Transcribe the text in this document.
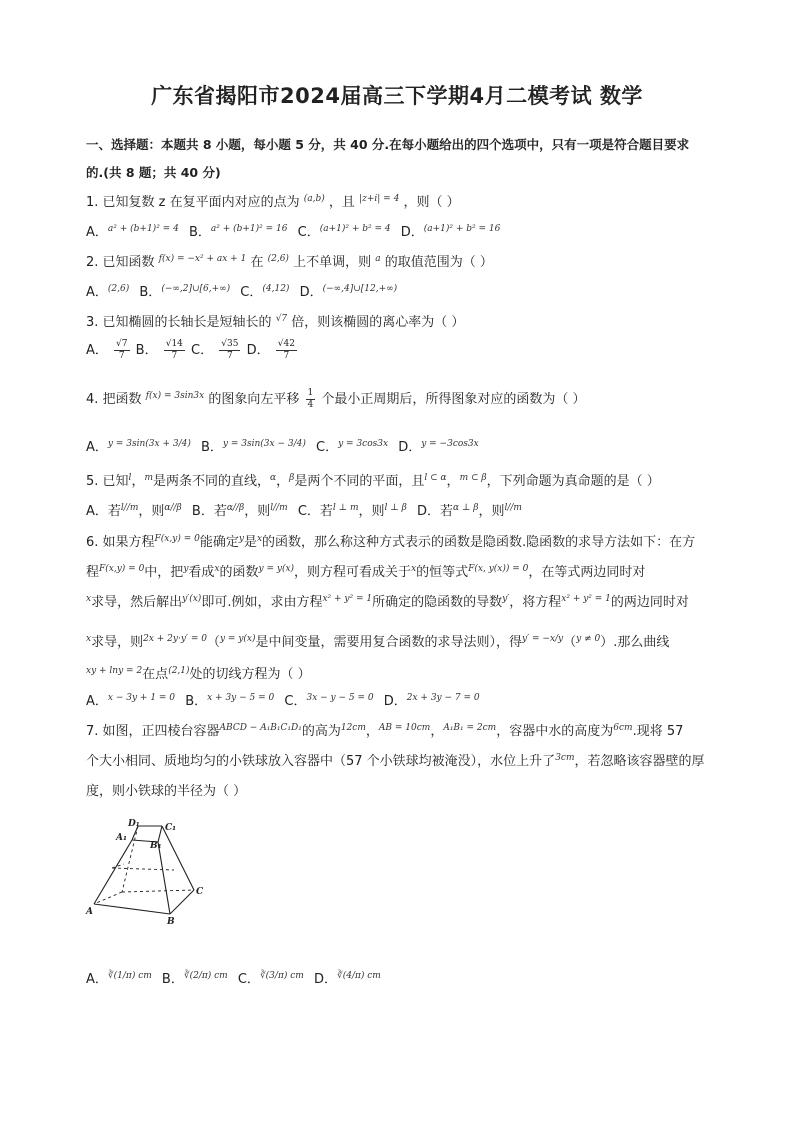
广东省揭阳市2024届高三下学期4月二模考试 数学
一、选择题：本题共 8 小题，每小题 5 分，共 40 分.在每小题给出的四个选项中，只有一项是符合题目要求
的.(共 8 题；共 40 分)
1. 已知复数 z 在复平面内对应的点为 $^{(a,b)}$ ，且 $^{|z+i| = 4}$ ，则（ ）
A．$^{a^2 + (b+1)^2 = 4}$ B．$^{a^2 + (b+1)^2 = 16}$ C．$^{(a+1)^2 + b^2 = 4}$ D．$^{(a+1)^2 + b^2 = 16}$
2. 已知函数 $^{f(x) = -x^2 + ax + 1}$ 在 $^{(2,6)}$ 上不单调，则 $^a$ 的取值范围为（ ）
A．$^{(2,6)}$ B．$^{(-\infty,2]\cup[6,+\infty)}$ C．$^{(4,12)}$ D．$^{(-\infty,4]\cup[12,+\infty)}$
3. 已知椭圆的长轴长是短轴长的 $^{√7}$ 倍，则该椭圆的离心率为（ ）
A． $\frac{√7}{7}$ B． $\frac{√14}{7}$ C． $\frac{√35}{7}$ D． $\frac{√42}{7}$
4. 把函数 $^{f(x) = 3sin3x}$ 的图象向左平移 $\frac{1}{4}$ 个最小正周期后，所得图象对应的函数为（ ）
A．$^{y = 3sin(3x + 3/4)}$ B．$^{y = 3sin(3x - 3/4)}$ C．$^{y = 3cos3x}$ D．$^{y = -3cos3x}$
5. 已知$^l$，$^m$是两条不同的直线，$^\alpha$，$^\beta$是两个不同的平面，且$^{l \subset \alpha}$，$^{m \subset \beta}$，下列命题为真命题的是（ ）
A．若$^{l//m}$，则$^{\alpha//\beta}$ B．若$^{\alpha//\beta}$，则$^{l//m}$ C．若$^{l \perp m}$，则$^{l \perp \beta}$ D．若$^{\alpha \perp \beta}$，则$^{l//m}$
6. 如果方程$^{F(x,y) = 0}$能确定$^y$是$^x$的函数，那么称这种方式表示的函数是隐函数.隐函数的求导方法如下：在方
程$^{F(x,y) = 0}$中，把$^y$看成$^x$的函数$^{y = y(x)}$，则方程可看成关于$^x$的恒等式$^{F(x, y(x)) = 0}$，在等式两边同时对
$^x$求导，然后解出$^{y'(x)}$即可.例如，求由方程$^{x^2 + y^2 = 1}$所确定的隐函数的导数$^{y'}$，将方程$^{x^2 + y^2 = 1}$的两边同时对
$^x$求导，则$^{2x + 2y\cdot y' = 0}$（$^{y = y(x)}$是中间变量，需要用复合函数的求导法则），得$^{y' = -x/y}$（$^{y \ne 0}$）.那么曲线
$^{xy + lny = 2}$在点$^{(2,1)}$处的切线方程为（ ）
A．$^{x - 3y + 1 = 0}$ B．$^{x + 3y - 5 = 0}$ C．$^{3x - y - 5 = 0}$ D．$^{2x + 3y - 7 = 0}$
7. 如图，正四棱台容器$^{ABCD - A_1B_1C_1D_1}$的高为$^{12cm}$，$^{AB = 10cm}$，$^{A_1B_1 = 2cm}$，容器中水的高度为$^{6cm}$.现将 57
个大小相同、质地均匀的小铁球放入容器中（57 个小铁球均被淹没），水位上升了$^{3cm}$，若忽略该容器壁的厚
度，则小铁球的半径为（ ）
D₁
A₁
C₁
B₁
A
B
C
A．$^{∛(1/\pi) cm}$ B．$^{∛(2/\pi) cm}$ C．$^{∛(3/\pi) cm}$ D．$^{∛(4/\pi) cm}$
